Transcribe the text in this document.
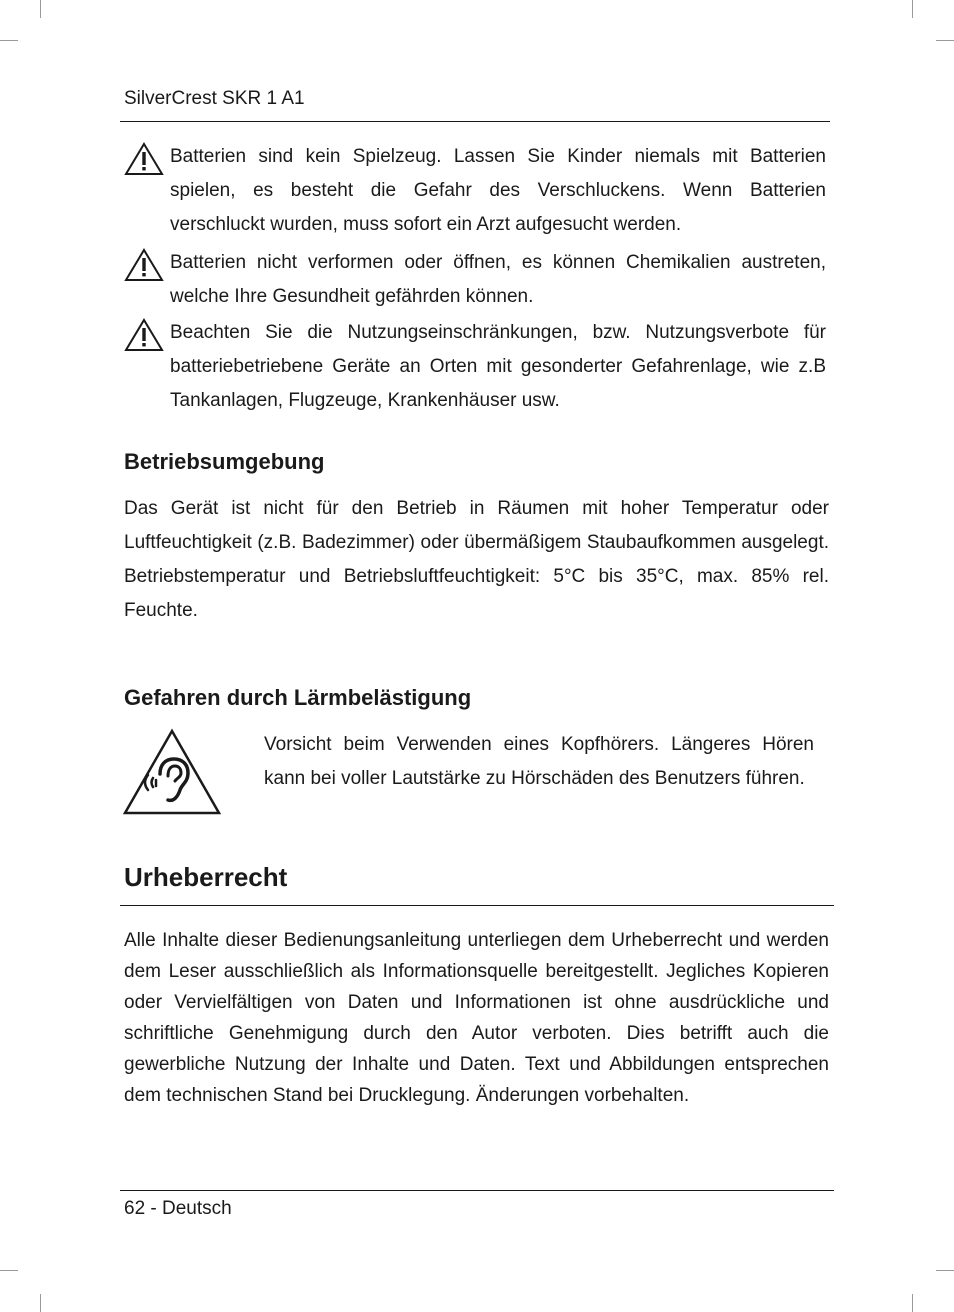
SilverCrest SKR 1 A1
Batterien sind kein Spielzeug. Lassen Sie Kinder niemals mit Batterien spielen, es besteht die Gefahr des Verschluckens. Wenn Batterien verschluckt wurden, muss sofort ein Arzt aufgesucht werden.
Batterien nicht verformen oder öffnen, es können Chemikalien austreten, welche Ihre Gesundheit gefährden können.
Beachten Sie die Nutzungseinschränkungen, bzw. Nutzungsverbote für batteriebetriebene Geräte an Orten mit gesonderter Gefahrenlage, wie z.B Tankanlagen, Flugzeuge, Krankenhäuser usw.
Betriebsumgebung
Das Gerät ist nicht für den Betrieb in Räumen mit hoher Temperatur oder Luftfeuchtigkeit (z.B. Badezimmer) oder übermäßigem Staubaufkommen ausgelegt. Betriebstemperatur und Betriebsluftfeuchtigkeit: 5°C bis 35°C, max. 85% rel. Feuchte.
Gefahren durch Lärmbelästigung
Vorsicht beim Verwenden eines Kopfhörers. Längeres Hören kann bei voller Lautstärke zu Hörschäden des Benutzers führen.
Urheberrecht
Alle Inhalte dieser Bedienungsanleitung unterliegen dem Urheberrecht und werden dem Leser ausschließlich als Informationsquelle bereitgestellt. Jegliches Kopieren oder Vervielfältigen von Daten und Informationen ist ohne ausdrückliche und schriftliche Genehmigung durch den Autor verboten. Dies betrifft auch die gewerbliche Nutzung der Inhalte und Daten. Text und Abbildungen entsprechen dem technischen Stand bei Drucklegung. Änderungen vorbehalten.
62 - Deutsch
